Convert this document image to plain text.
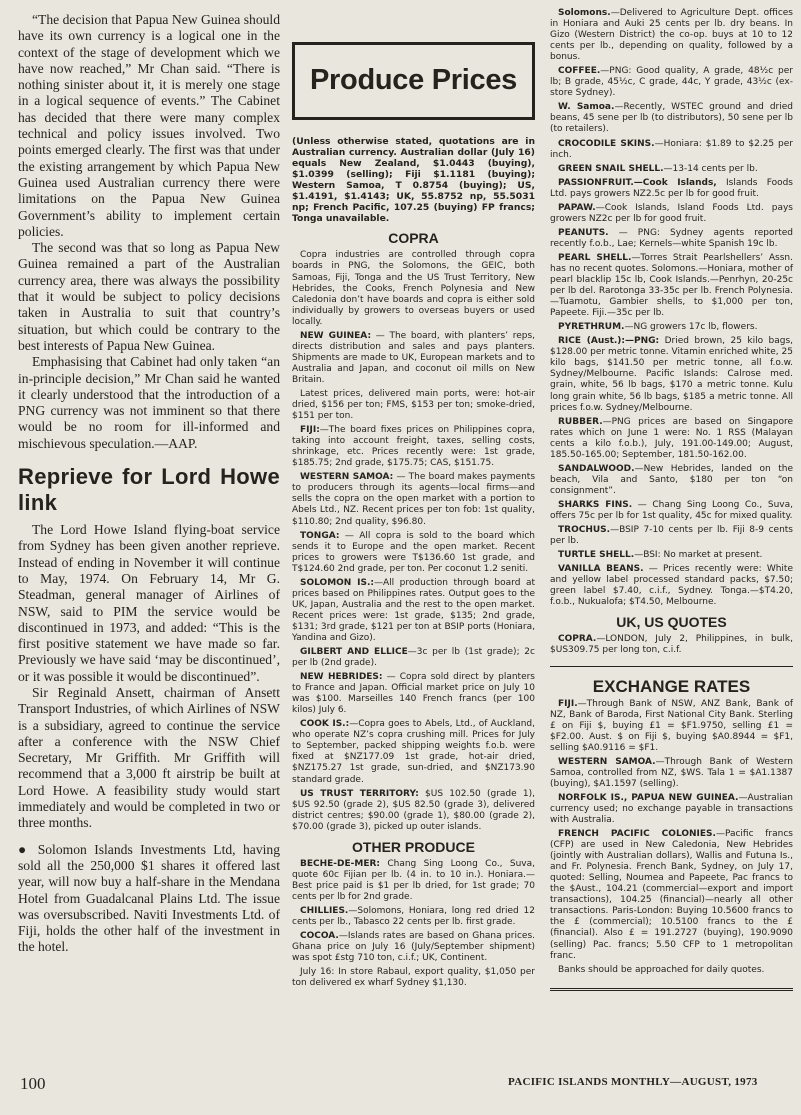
“The decision that Papua New Guinea should have its own currency is a logical one in the context of the stage of development which we have now reached,” Mr Chan said. “There is nothing sinister about it, it is merely one stage in a logical sequence of events.” The Cabinet has decided that there were many complex technical and policy issues involved. Two points emerged clearly. The first was that under the existing arrangement by which Papua New Guinea used Australian currency there were limitations on the Papua New Guinea Government’s ability to implement certain policies.

The second was that so long as Papua New Guinea remained a part of the Australian currency area, there was always the possibility that it would be subject to policy decisions taken in Australia to suit that country’s situation, but which could be contrary to the best interests of Papua New Guinea.

Emphasising that Cabinet had only taken “an in-principle decision,” Mr Chan said he wanted it clearly understood that the introduction of a PNG currency was not imminent so that there would be no room for ill-informed and mischievous speculation.—AAP.

Reprieve for Lord Howe link

The Lord Howe Island flying-boat service from Sydney has been given another reprieve. Instead of ending in November it will continue to May, 1974. On February 14, Mr G. Steadman, general manager of Airlines of NSW, said to PIM the service would be discontinued in 1973, and added: “This is the first positive statement we have made so far. Previously we have said ‘may be discontinued’, or it was possible it would be discontinued”.

Sir Reginald Ansett, chairman of Ansett Transport Industries, of which Airlines of NSW is a subsidiary, agreed to continue the service after a conference with the NSW Chief Secretary, Mr Griffith. Mr Griffith will recommend that a 3,000 ft airstrip be built at Lord Howe. A feasibility study would start immediately and would be completed in two or three months.

● Solomon Islands Investments Ltd, having sold all the 250,000 $1 shares it offered last year, will now buy a half-share in the Mendana Hotel from Guadalcanal Plains Ltd. The issue was oversubscribed. Naviti Investments Ltd. of Fiji, holds the other half of the investment in the hotel.

Produce Prices

(Unless otherwise stated, quotations are in Australian currency. Australian dollar (July 16) equals New Zealand, $1.0443 (buying), $1.0399 (selling); Fiji $1.1181 (buying); Western Samoa, T 0.8754 (buying); US, $1.4191, $1.4143; UK, 55.8752 np, 55.5031 np; French Pacific, 107.25 (buying) FP francs; Tonga unavailable.

COPRA

Copra industries are controlled through copra boards in PNG, the Solomons, the GEIC, both Samoas, Fiji, Tonga and the US Trust Territory, New Hebrides, the Cooks, French Polynesia and New Caledonia don’t have boards and copra is either sold individually by growers to overseas buyers or used locally.

NEW GUINEA: — The board, with planters’ reps, directs distribution and sales and pays planters. Shipments are made to UK, European markets and to Australia and Japan, and coconut oil mills on New Britain.

Latest prices, delivered main ports, were: hot-air dried, $156 per ton; FMS, $153 per ton; smoke-dried, $151 per ton.

FIJI:—The board fixes prices on Philippines copra, taking into account freight, taxes, selling costs, shrinkage, etc. Prices recently were: 1st grade, $185.75; 2nd grade, $175.75; CAS, $151.75.

WESTERN SAMOA: — The board makes payments to producers through its agents—local firms—and sells the copra on the open market with a portion to Abels Ltd., NZ. Recent prices per ton fob: 1st quality, $110.80; 2nd quality, $96.80.

TONGA: — All copra is sold to the board which sends it to Europe and the open market. Recent prices to growers were T$136.60 1st grade, and T$124.60 2nd grade, per ton. Per coconut 1.2 seniti.

SOLOMON IS.:—All production through board at prices based on Philippines rates. Output goes to the UK, Japan, Australia and the rest to the open market. Recent prices were: 1st grade, $135; 2nd grade, $131; 3rd grade, $121 per ton at BSIP ports (Honiara, Yandina and Gizo).

GILBERT AND ELLICE—3c per lb (1st grade); 2c per lb (2nd grade).

NEW HEBRIDES: — Copra sold direct by planters to France and Japan. Official market price on July 10 was $100. Marseilles 140 French francs (per 100 kilos) July 6.

COOK IS.:—Copra goes to Abels, Ltd., of Auckland, who operate NZ’s copra crushing mill. Prices for July to September, packed shipping weights f.o.b. were fixed at $NZ177.09 1st grade, hot-air dried, $NZ175.27 1st grade, sun-dried, and $NZ173.90 standard grade.

US TRUST TERRITORY: $US 102.50 (grade 1), $US 92.50 (grade 2), $US 82.50 (grade 3), delivered district centres; $90.00 (grade 1), $80.00 (grade 2), $70.00 (grade 3), picked up outer islands.

OTHER PRODUCE

BECHE-DE-MER: Chang Sing Loong Co., Suva, quote 60c Fijian per lb. (4 in. to 10 in.). Honiara.—Best price paid is $1 per lb dried, for 1st grade; 70 cents per lb for 2nd grade.

CHILLIES.—Solomons, Honiara, long red dried 12 cents per lb., Tabasco 22 cents per lb. first grade.

COCOA.—Islands rates are based on Ghana prices. Ghana price on July 16 (July/September shipment) was spot £stg 710 ton, c.i.f.; UK, Continent.

July 16: In store Rabaul, export quality, $1,050 per ton delivered ex wharf Sydney $1,130.

Solomons.—Delivered to Agriculture Dept. offices in Honiara and Auki 25 cents per lb. dry beans. In Gizo (Western District) the co-op. buys at 10 to 12 cents per lb., depending on quality, followed by a bonus.

COFFEE.—PNG: Good quality, A grade, 48½c per lb; B grade, 45½c, C grade, 44c, Y grade, 43½c (ex-store Sydney).

W. Samoa.—Recently, WSTEC ground and dried beans, 45 sene per lb (to distributors), 50 sene per lb (to retailers).

CROCODILE SKINS.—Honiara: $1.89 to $2.25 per inch.

GREEN SNAIL SHELL.—13-14 cents per lb.

PASSIONFRUIT.—Cook Islands, Islands Foods Ltd. pays growers NZ2.5c per lb for good fruit.

PAPAW.—Cook Islands, Island Foods Ltd. pays growers NZ2c per lb for good fruit.

PEANUTS. — PNG: Sydney agents reported recently f.o.b., Lae; Kernels—white Spanish 19c lb.

PEARL SHELL.—Torres Strait Pearlshellers’ Assn. has no recent quotes. Solomons.—Honiara, mother of pearl blacklip 15c lb, Cook Islands.—Penrhyn, 20-25c per lb del. Rarotonga 33-35c per lb. French Polynesia.—Tuamotu, Gambier shells, to $1,000 per ton, Papeete. Fiji.—35c per lb.

PYRETHRUM.—NG growers 17c lb, flowers.

RICE (Aust.):—PNG: Dried brown, 25 kilo bags, $128.00 per metric tonne. Vitamin enriched white, 25 kilo bags, $141.50 per metric tonne, all f.o.w. Sydney/Melbourne. Pacific Islands: Calrose med. grain, white, 56 lb bags, $170 a metric tonne. Kulu long grain white, 56 lb bags, $185 a metric tonne. All prices f.o.w. Sydney/Melbourne.

RUBBER.—PNG prices are based on Singapore rates which on June 1 were: No. 1 RSS (Malayan cents a kilo f.o.b.), July, 191.00-149.00; August, 185.50-165.00; September, 181.50-162.00.

SANDALWOOD.—New Hebrides, landed on the beach, Vila and Santo, $180 per ton “on consignment”.

SHARKS FINS. — Chang Sing Loong Co., Suva, offers 75c per lb for 1st quality, 45c for mixed quality.

TROCHUS.—BSIP 7-10 cents per lb. Fiji 8-9 cents per lb.

TURTLE SHELL.—BSI: No market at present.

VANILLA BEANS. — Prices recently were: White and yellow label processed standard packs, $7.50; green label $7.40, c.i.f., Sydney. Tonga.—$T4.20, f.o.b., Nukualofa; $T4.50, Melbourne.

UK, US QUOTES

COPRA.—LONDON, July 2, Philippines, in bulk, $US309.75 per long ton, c.i.f.

EXCHANGE RATES

FIJI.—Through Bank of NSW, ANZ Bank, Bank of NZ, Bank of Baroda, First National City Bank. Sterling £ on Fiji $, buying £1 = $F1.9750, selling £1 = $F2.00. Aust. $ on Fiji $, buying $A0.8944 = $F1, selling $A0.9116 = $F1.

WESTERN SAMOA.—Through Bank of Western Samoa, controlled from NZ, $WS. Tala 1 = $A1.1387 (buying), $A1.1597 (selling).

NORFOLK IS., PAPUA NEW GUINEA.—Australian currency used; no exchange payable in transactions with Australia.

FRENCH PACIFIC COLONIES.—Pacific francs (CFP) are used in New Caledonia, New Hebrides (jointly with Australian dollars), Wallis and Futuna Is., and Fr. Polynesia. French Bank, Sydney, on July 17, quoted: Selling, Noumea and Papeete, Pac francs to the $Aust., 104.21 (commercial—export and import transactions), 104.25 (financial)—nearly all other transactions. Paris-London: Buying 10.5600 francs to the £ (commercial); 10.5100 francs to the £ (financial). Also £ = 191.2727 (buying), 190.9090 (selling) Pac. francs; 5.50 CFP to 1 metropolitan franc.

Banks should be approached for daily quotes.

100	PACIFIC ISLANDS MONTHLY—AUGUST, 1973
